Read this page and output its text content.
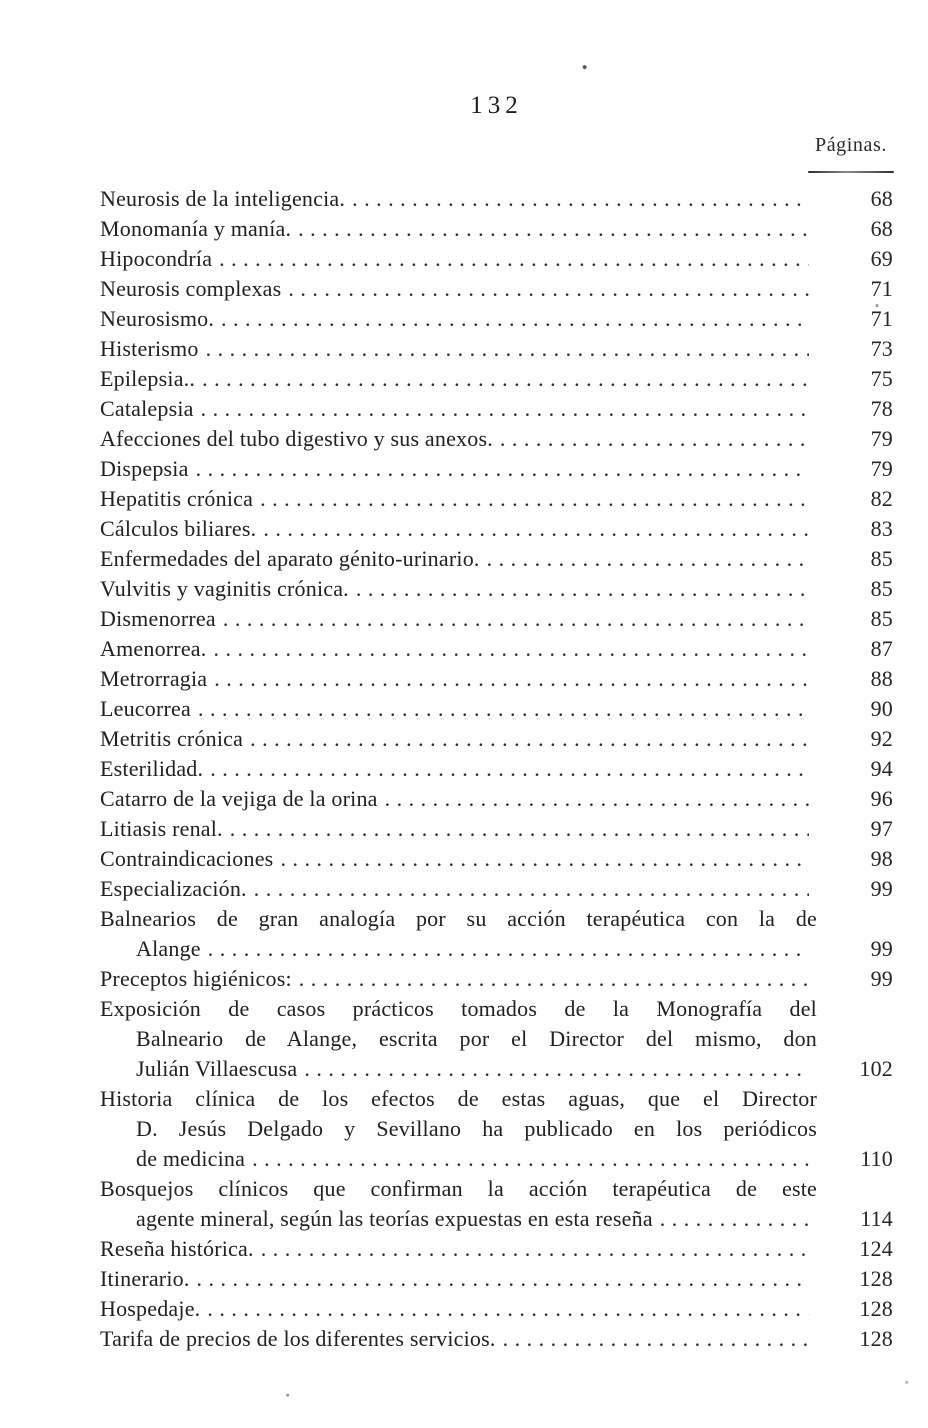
132
Páginas.
Neurosis de la inteligencia. .....	68
Monomanía y manía. .....	68
Hipocondría .....	69
Neurosis complexas .....	71
Neurosismo. .....	71
Histerismo .....	73
Epilepsia.. .....	75
Catalepsia .....	78
Afecciones del tubo digestivo y sus anexos. .....	79
Dispepsia .....	79
Hepatitis crónica .....	82
Cálculos biliares. .....	83
Enfermedades del aparato génito-urinario. .....	85
Vulvitis y vaginitis crónica. .....	85
Dismenorrea .....	85
Amenorrea. .....	87
Metrorragia .....	88
Leucorrea .....	90
Metritis crónica .....	92
Esterilidad. .....	94
Catarro de la vejiga de la orina .....	96
Litiasis renal. .....	97
Contraindicaciones .....	98
Especialización. .....	99
Balnearios de gran analogía por su acción terapéutica con la de
Alange .....	99
Preceptos higiénicos: .....	99
Exposición de casos prácticos tomados de la Monografía del
Balneario de Alange, escrita por el Director del mismo, don
Julián Villaescusa .....	102
Historia clínica de los efectos de estas aguas, que el Director
D. Jesús Delgado y Sevillano ha publicado en los periódicos
de medicina .....	110
Bosquejos clínicos que confirman la acción terapéutica de este
agente mineral, según las teorías expuestas en esta reseña .....	114
Reseña histórica. .....	124
Itinerario. .....	128
Hospedaje. .....	128
Tarifa de precios de los diferentes servicios. .....	128
